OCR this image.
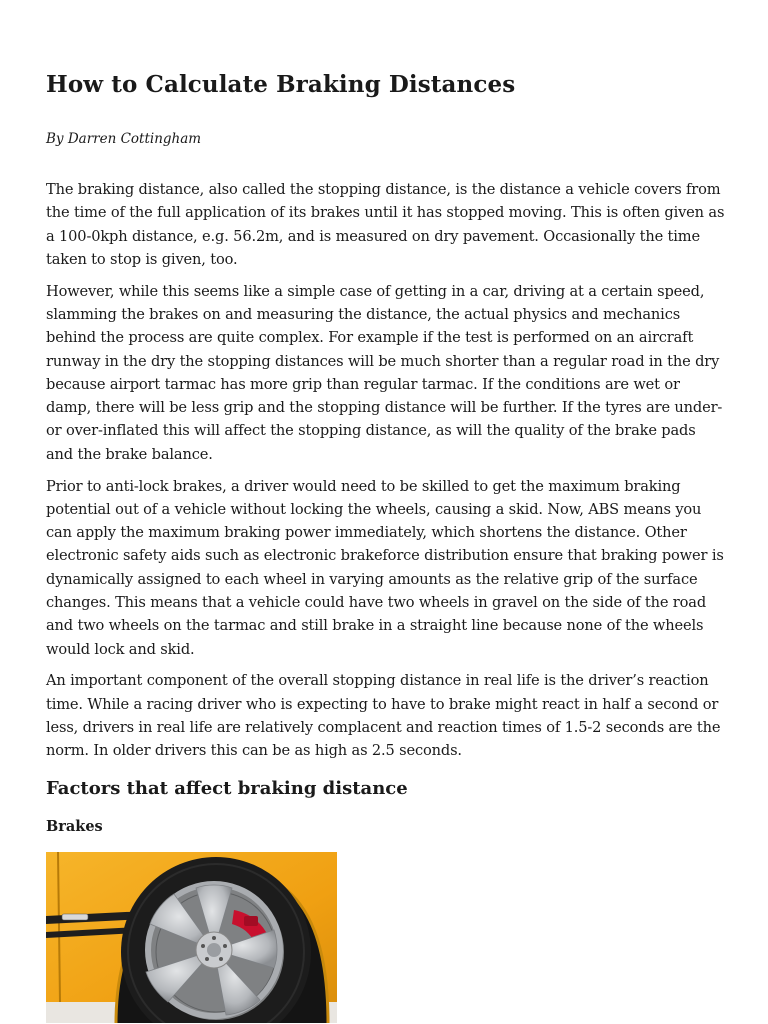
How to Calculate Braking Distances

By Darren Cottingham

The braking distance, also called the stopping distance, is the distance a vehicle covers from the time of the full application of its brakes until it has stopped moving. This is often given as a 100-0kph distance, e.g. 56.2m, and is measured on dry pavement. Occasionally the time taken to stop is given, too.

However, while this seems like a simple case of getting in a car, driving at a certain speed, slamming the brakes on and measuring the distance, the actual physics and mechanics behind the process are quite complex. For example if the test is performed on an aircraft runway in the dry the stopping distances will be much shorter than a regular road in the dry because airport tarmac has more grip than regular tarmac. If the conditions are wet or damp, there will be less grip and the stopping distance will be further. If the tyres are under- or over-inflated this will affect the stopping distance, as will the quality of the brake pads and the brake balance.

Prior to anti-lock brakes, a driver would need to be skilled to get the maximum braking potential out of a vehicle without locking the wheels, causing a skid. Now, ABS means you can apply the maximum braking power immediately, which shortens the distance. Other electronic safety aids such as electronic brakeforce distribution ensure that braking power is dynamically assigned to each wheel in varying amounts as the relative grip of the surface changes. This means that a vehicle could have two wheels in gravel on the side of the road and two wheels on the tarmac and still brake in a straight line because none of the wheels would lock and skid.

An important component of the overall stopping distance in real life is the driver’s reaction time. While a racing driver who is expecting to have to brake might react in half a second or less, drivers in real life are relatively complacent and reaction times of 1.5-2 seconds are the norm. In older drivers this can be as high as 2.5 seconds.

Factors that affect braking distance
Brakes
